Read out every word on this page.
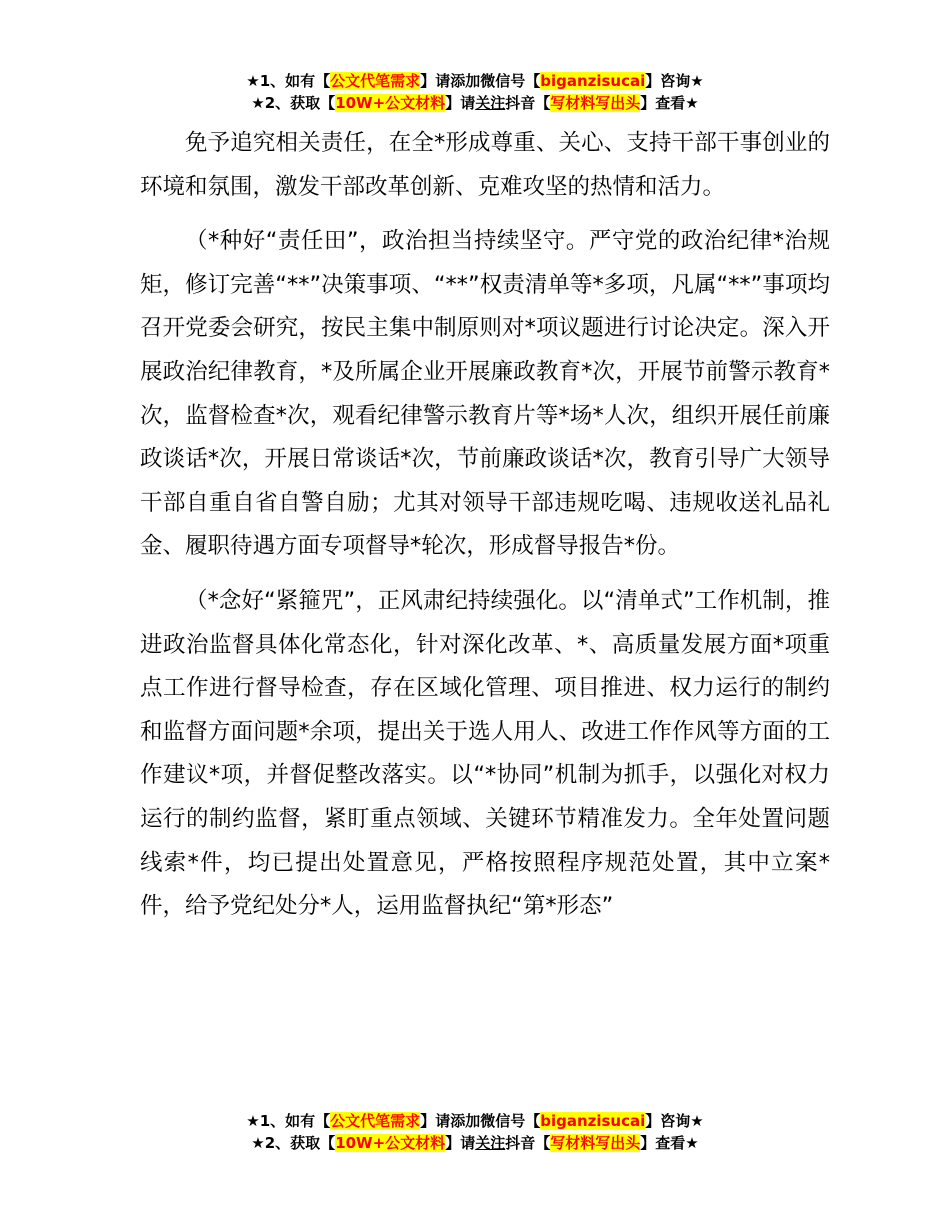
★1、如有【公文代笔需求】请添加微信号【biganzisucai】咨询★
★2、获取【10W+公文材料】请关注抖音【写材料写出头】查看★

免予追究相关责任，在全*形成尊重、关心、支持干部干事创业的环境和氛围，激发干部改革创新、克难攻坚的热情和活力。

（*种好“责任田”，政治担当持续坚守。严守党的政治纪律*治规矩，修订完善“**”决策事项、“**”权责清单等*多项，凡属“**”事项均召开党委会研究，按民主集中制原则对*项议题进行讨论决定。深入开展政治纪律教育，*及所属企业开展廉政教育*次，开展节前警示教育*次，监督检查*次，观看纪律警示教育片等*场*人次，组织开展任前廉政谈话*次，开展日常谈话*次，节前廉政谈话*次，教育引导广大领导干部自重自省自警自励；尤其对领导干部违规吃喝、违规收送礼品礼金、履职待遇方面专项督导*轮次，形成督导报告*份。

（*念好“紧箍咒”，正风肃纪持续强化。以“清单式”工作机制，推进政治监督具体化常态化，针对深化改革、*、高质量发展方面*项重点工作进行督导检查，存在区域化管理、项目推进、权力运行的制约和监督方面问题*余项，提出关于选人用人、改进工作作风等方面的工作建议*项，并督促整改落实。以“*协同”机制为抓手，以强化对权力运行的制约监督，紧盯重点领域、关键环节精准发力。全年处置问题线索*件，均已提出处置意见，严格按照程序规范处置，其中立案*件，给予党纪处分*人，运用监督执纪“第*形态”

★1、如有【公文代笔需求】请添加微信号【biganzisucai】咨询★
★2、获取【10W+公文材料】请关注抖音【写材料写出头】查看★
